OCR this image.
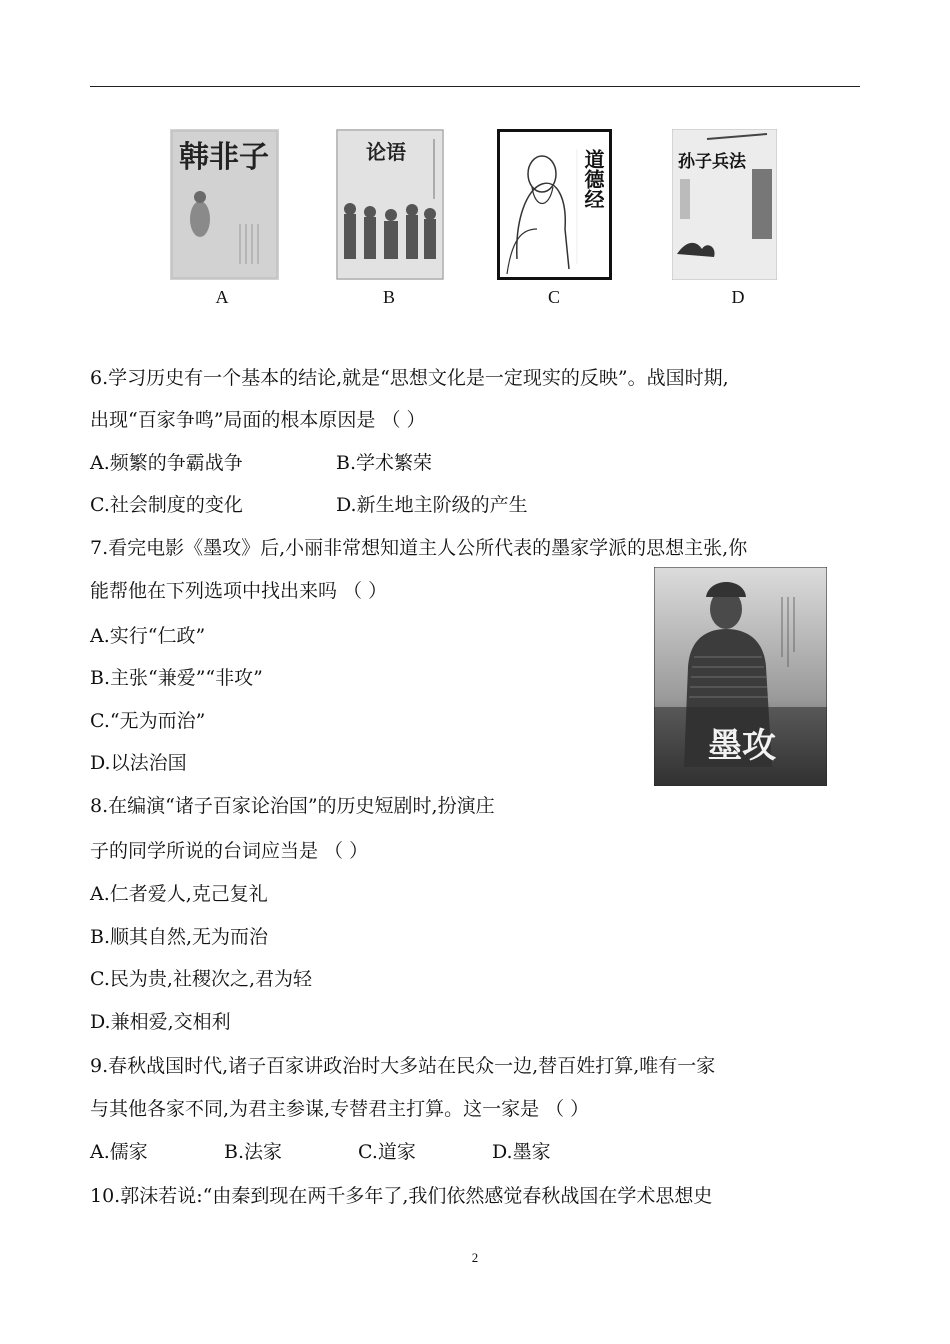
韩非子
A
论语
B
道德经
C
孙子兵法
D
6.学习历史有一个基本的结论,就是“思想文化是一定现实的反映”。战国时期,
出现“百家争鸣”局面的根本原因是 （ ）
A.频繁的争霸战争	B.学术繁荣
C.社会制度的变化	D.新生地主阶级的产生
7.看完电影《墨攻》后,小丽非常想知道主人公所代表的墨家学派的思想主张,你
能帮他在下列选项中找出来吗 （ ）
A.实行“仁政”
B.主张“兼爱”“非攻”
C.“无为而治”
D.以法治国	墨攻
8.在编演“诸子百家论治国”的历史短剧时,扮演庄
子的同学所说的台词应当是 （ ）
A.仁者爱人,克己复礼
B.顺其自然,无为而治
C.民为贵,社稷次之,君为轻
D.兼相爱,交相利
9.春秋战国时代,诸子百家讲政治时大多站在民众一边,替百姓打算,唯有一家
与其他各家不同,为君主参谋,专替君主打算。这一家是 （ ）
A.儒家	B.法家	C.道家	D.墨家
10.郭沫若说:“由秦到现在两千多年了,我们依然感觉春秋战国在学术思想史
2
